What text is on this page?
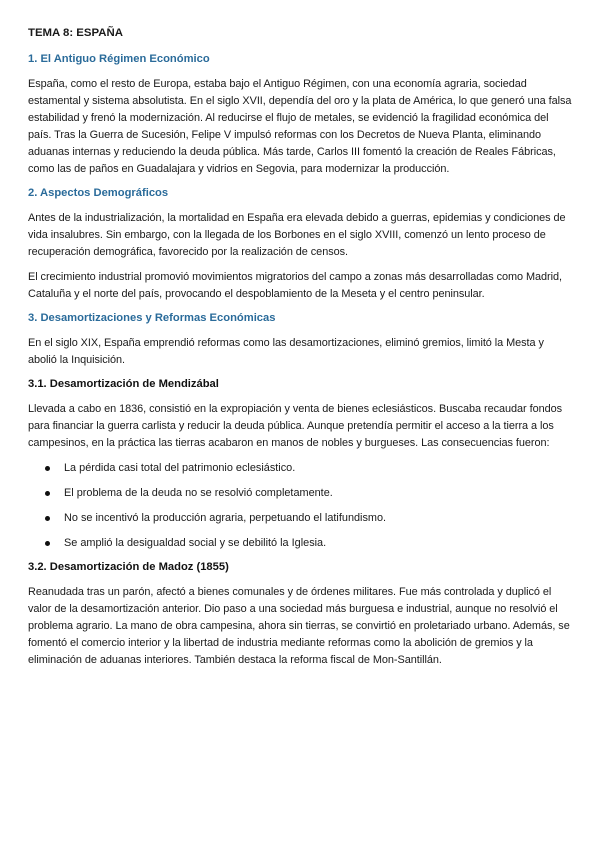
TEMA 8: ESPAÑA
1. El Antiguo Régimen Económico

España, como el resto de Europa, estaba bajo el Antiguo Régimen, con una economía agraria, sociedad estamental y sistema absolutista. En el siglo XVII, dependía del oro y la plata de América, lo que generó una falsa estabilidad y frenó la modernización. Al reducirse el flujo de metales, se evidenció la fragilidad económica del país. Tras la Guerra de Sucesión, Felipe V impulsó reformas con los Decretos de Nueva Planta, eliminando aduanas internas y reduciendo la deuda pública. Más tarde, Carlos III fomentó la creación de Reales Fábricas, como las de paños en Guadalajara y vidrios en Segovia, para modernizar la producción.

2. Aspectos Demográficos

Antes de la industrialización, la mortalidad en España era elevada debido a guerras, epidemias y condiciones de vida insalubres. Sin embargo, con la llegada de los Borbones en el siglo XVIII, comenzó un lento proceso de recuperación demográfica, favorecido por la realización de censos.

El crecimiento industrial promovió movimientos migratorios del campo a zonas más desarrolladas como Madrid, Cataluña y el norte del país, provocando el despoblamiento de la Meseta y el centro peninsular.

3. Desamortizaciones y Reformas Económicas

En el siglo XIX, España emprendió reformas como las desamortizaciones, eliminó gremios, limitó la Mesta y abolió la Inquisición.

3.1. Desamortización de Mendizábal

Llevada a cabo en 1836, consistió en la expropiación y venta de bienes eclesiásticos. Buscaba recaudar fondos para financiar la guerra carlista y reducir la deuda pública. Aunque pretendía permitir el acceso a la tierra a los campesinos, en la práctica las tierras acabaron en manos de nobles y burgueses. Las consecuencias fueron:

La pérdida casi total del patrimonio eclesiástico.
El problema de la deuda no se resolvió completamente.
No se incentivó la producción agraria, perpetuando el latifundismo.
Se amplió la desigualdad social y se debilitó la Iglesia.
3.2. Desamortización de Madoz (1855)

Reanudada tras un parón, afectó a bienes comunales y de órdenes militares. Fue más controlada y duplicó el valor de la desamortización anterior. Dio paso a una sociedad más burguesa e industrial, aunque no resolvió el problema agrario. La mano de obra campesina, ahora sin tierras, se convirtió en proletariado urbano. Además, se fomentó el comercio interior y la libertad de industria mediante reformas como la abolición de gremios y la eliminación de aduanas interiores. También destaca la reforma fiscal de Mon-Santillán.
